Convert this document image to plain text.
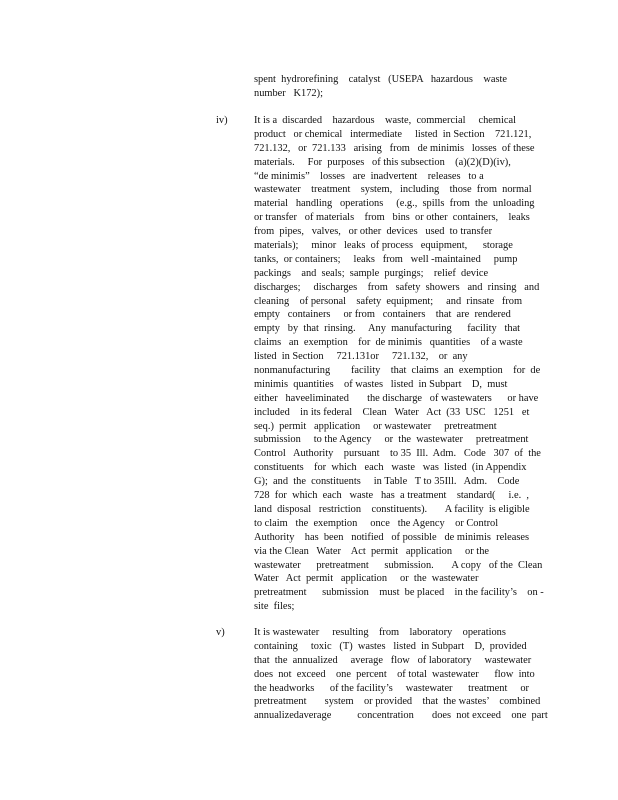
spent  hydrorefining    catalyst   (USEPA   hazardous    waste
number   K172);
iv)	It is a  discarded    hazardous    waste,  commercial     chemical
product   or chemical   intermediate     listed  in Section    721.121,
721.132,   or  721.133   arising   from   de minimis   losses  of these
materials.     For  purposes   of this subsection    (a)(2)(D)(iv),
“de minimis”    losses   are  inadvertent    releases   to a
wastewater    treatment    system,   including    those  from  normal
material   handling   operations     (e.g.,  spills  from  the  unloading
or transfer   of materials    from   bins  or other  containers,    leaks
from  pipes,   valves,   or other  devices   used  to transfer
materials);     minor   leaks  of process   equipment,      storage
tanks,  or containers;     leaks   from   well -maintained     pump
packings    and  seals;  sample  purgings;    relief  device
discharges;     discharges    from   safety  showers   and  rinsing   and
cleaning    of personal    safety  equipment;     and  rinsate   from
empty   containers     or from   containers    that  are  rendered
empty   by  that  rinsing.     Any  manufacturing      facility   that
claims   an  exemption    for  de minimis   quantities    of a waste
listed  in Section     721.131or     721.132,    or  any
nonmanufacturing        facility    that  claims  an  exemption    for  de
minimis  quantities    of wastes   listed  in Subpart    D,  must
either   haveeliminated       the discharge   of wastewaters      or have
included    in its federal    Clean   Water   Act  (33  USC   1251   et
seq.)  permit   application     or wastewater     pretreatment
submission     to the Agency     or  the  wastewater     pretreatment
Control   Authority    pursuant    to 35  Ill.  Adm.   Code   307  of  the
constituents    for  which   each   waste   was  listed  (in Appendix
G);  and  the  constituents     in Table   T to 35Ill.   Adm.    Code
728  for  which  each   waste   has  a treatment    standard(     i.e.  ,
land  disposal   restriction    constituents).       A facility  is eligible
to claim   the  exemption     once   the Agency    or Control
Authority    has  been   notified   of possible   de minimis  releases
via the Clean   Water    Act  permit   application     or the
wastewater      pretreatment      submission.       A copy   of the  Clean
Water   Act  permit   application     or  the  wastewater
pretreatment      submission    must  be placed    in the facility’s    on -
site  files;
v)	It is wastewater     resulting    from    laboratory    operations
containing     toxic   (T)  wastes   listed  in Subpart    D,  provided
that  the  annualized     average   flow   of laboratory     wastewater
does  not  exceed    one  percent    of total  wastewater      flow  into
the headworks      of the facility’s     wastewater      treatment     or
pretreatment       system    or provided    that  the wastes’    combined
annualizedaverage          concentration       does  not exceed    one  part
